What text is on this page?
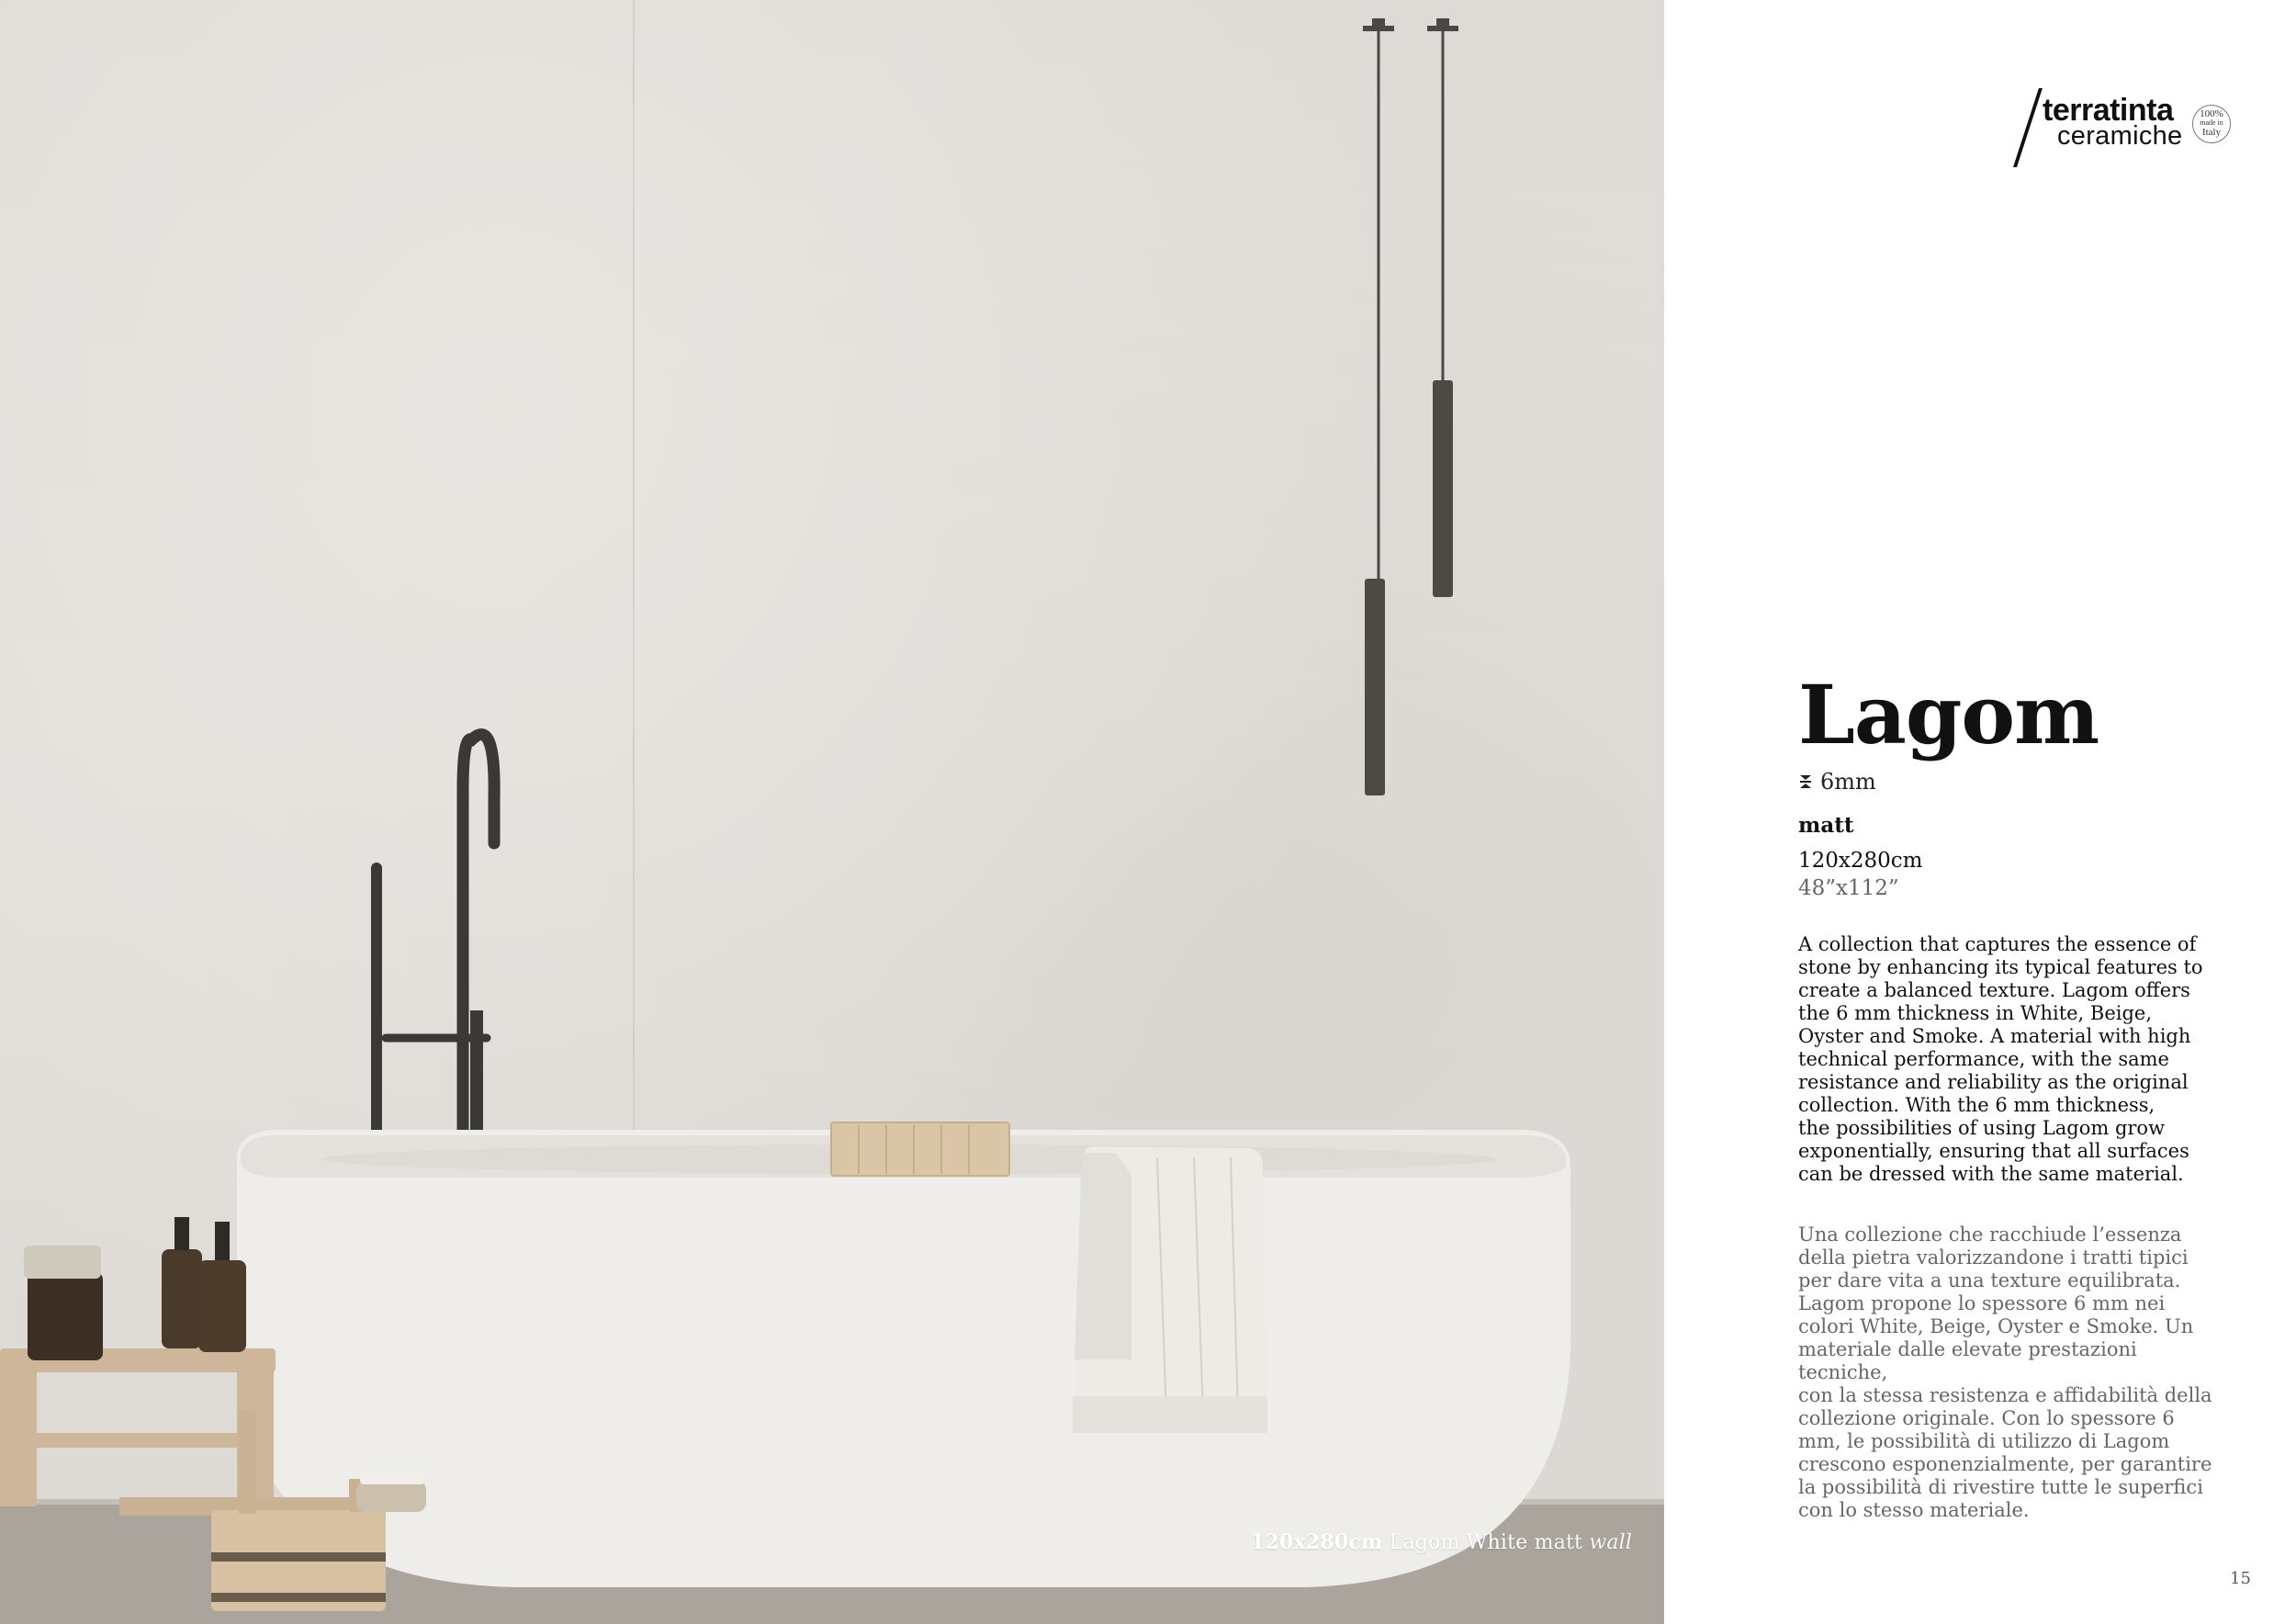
120x280cm Lagom White matt wall
terratinta
ceramiche
100%
made in
Italy
Lagom
6mm
matt
120x280cm
48”x112”
A collection that captures the essence of
stone by enhancing its typical features to
create a balanced texture. Lagom offers
the 6 mm thickness in White, Beige,
Oyster and Smoke. A material with high
technical performance, with the same
resistance and reliability as the original
collection. With the 6 mm thickness,
the possibilities of using Lagom grow
exponentially, ensuring that all surfaces
can be dressed with the same material.
Una collezione che racchiude l’essenza
della pietra valorizzandone i tratti tipici
per dare vita a una texture equilibrata.
Lagom propone lo spessore 6 mm nei
colori White, Beige, Oyster e Smoke. Un
materiale dalle elevate prestazioni tecniche,
con la stessa resistenza e affidabilità della
collezione originale. Con lo spessore 6
mm, le possibilità di utilizzo di Lagom
crescono esponenzialmente, per garantire
la possibilità di rivestire tutte le superfici
con lo stesso materiale.
15
